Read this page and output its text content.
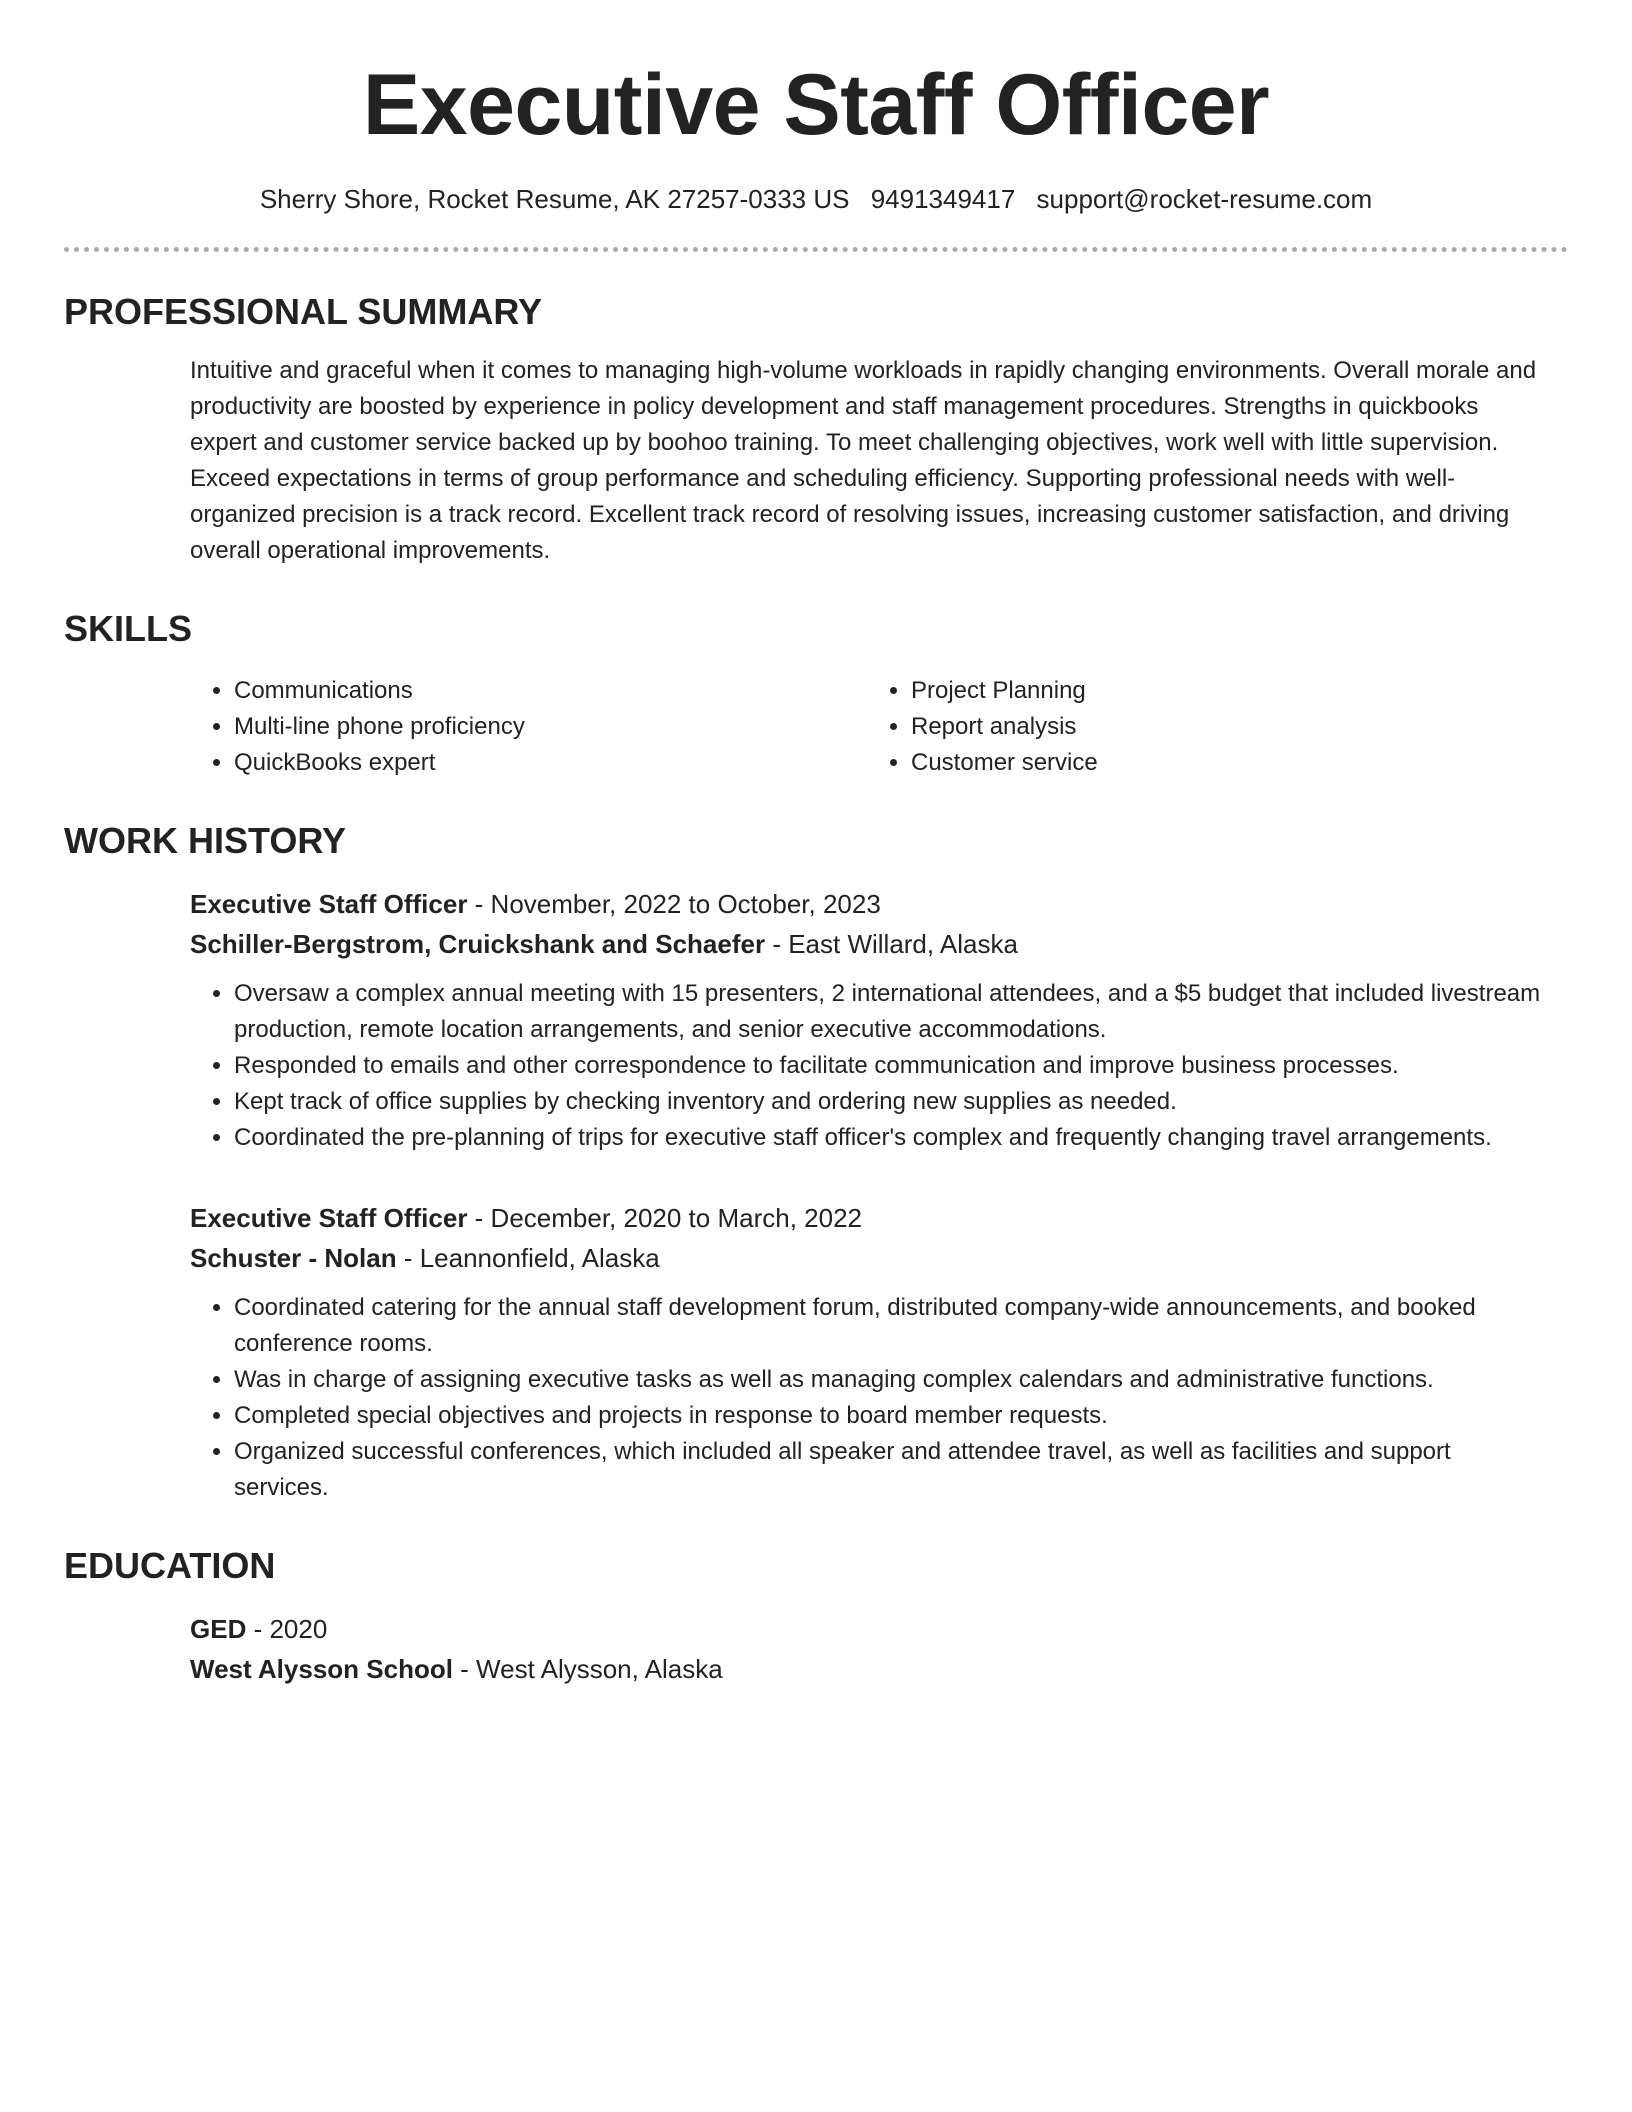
Executive Staff Officer
Sherry Shore, Rocket Resume, AK 27257-0333 US 9491349417 support@rocket-resume.com
PROFESSIONAL SUMMARY

Intuitive and graceful when it comes to managing high-volume workloads in rapidly changing environments. Overall morale and productivity are boosted by experience in policy development and staff management procedures. Strengths in quickbooks expert and customer service backed up by boohoo training. To meet challenging objectives, work well with little supervision. Exceed expectations in terms of group performance and scheduling efficiency. Supporting professional needs with well-organized precision is a track record. Excellent track record of resolving issues, increasing customer satisfaction, and driving overall operational improvements.

SKILLS
• Communications
• Multi-line phone proficiency
• QuickBooks expert
• Project Planning
• Report analysis
• Customer service
WORK HISTORY
Executive Staff Officer - November, 2022 to October, 2023
Schiller-Bergstrom, Cruickshank and Schaefer - East Willard, Alaska
• Oversaw a complex annual meeting with 15 presenters, 2 international attendees, and a $5 budget that included livestream production, remote location arrangements, and senior executive accommodations.
• Responded to emails and other correspondence to facilitate communication and improve business processes.
• Kept track of office supplies by checking inventory and ordering new supplies as needed.
• Coordinated the pre-planning of trips for executive staff officer's complex and frequently changing travel arrangements.
Executive Staff Officer - December, 2020 to March, 2022
Schuster - Nolan - Leannonfield, Alaska
• Coordinated catering for the annual staff development forum, distributed company-wide announcements, and booked conference rooms.
• Was in charge of assigning executive tasks as well as managing complex calendars and administrative functions.
• Completed special objectives and projects in response to board member requests.
• Organized successful conferences, which included all speaker and attendee travel, as well as facilities and support services.
EDUCATION
GED - 2020
West Alysson School - West Alysson, Alaska
